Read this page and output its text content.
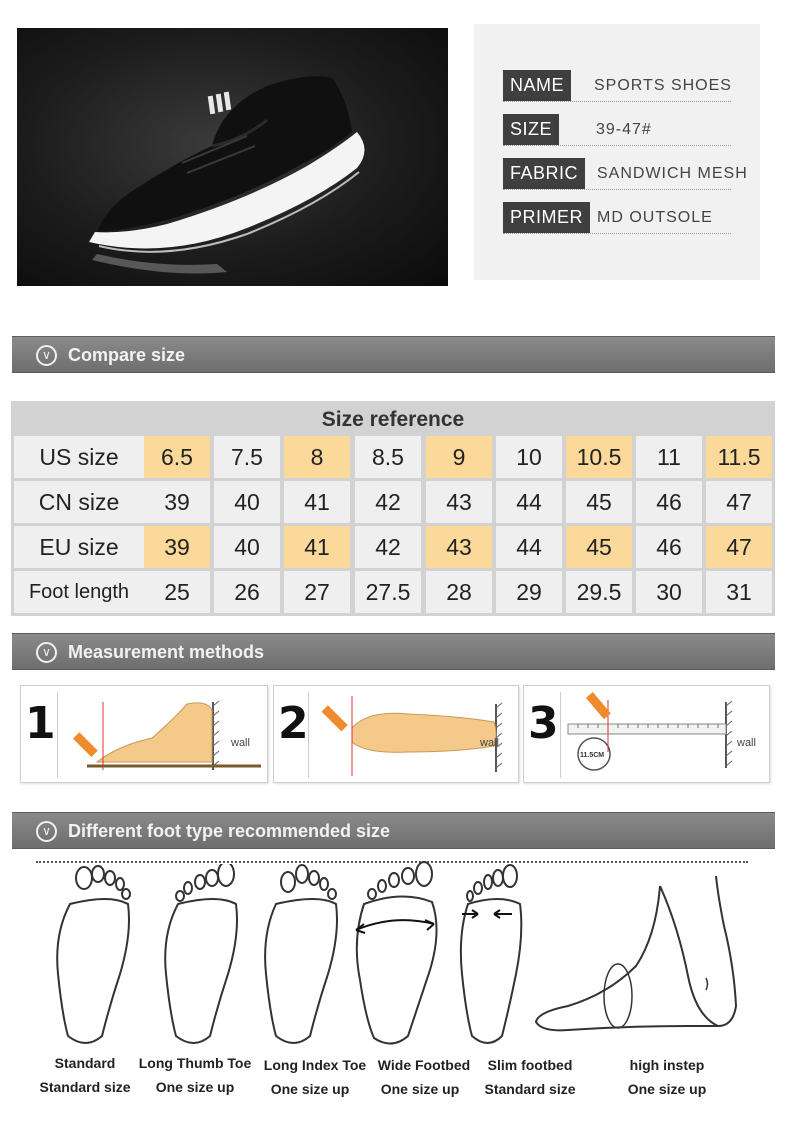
NAME	SPORTS SHOES
SIZE	39-47#
FABRIC	SANDWICH MESH
PRIMER MD OUTSOLE
∨ Compare size
Size reference
US size	6.5	7.5	8	8.5	9	10	10.5	11	11.5
CN size	39	40	41	42	43	44	45	46	47
EU size	39	40	41	42	43	44	45	46	47
Foot length	25	26	27	27.5	28	29	29.5	30	31
∨ Measurement methods
1	wall 2	wall 3
11.5CM
wall
∨ Different foot type recommended size
Standard
Standard size
Long Thumb Toe
One size up
Long Index Toe
One size up
Wide Footbed
One size up
Slim footbed
Standard size
high instep
One size up
